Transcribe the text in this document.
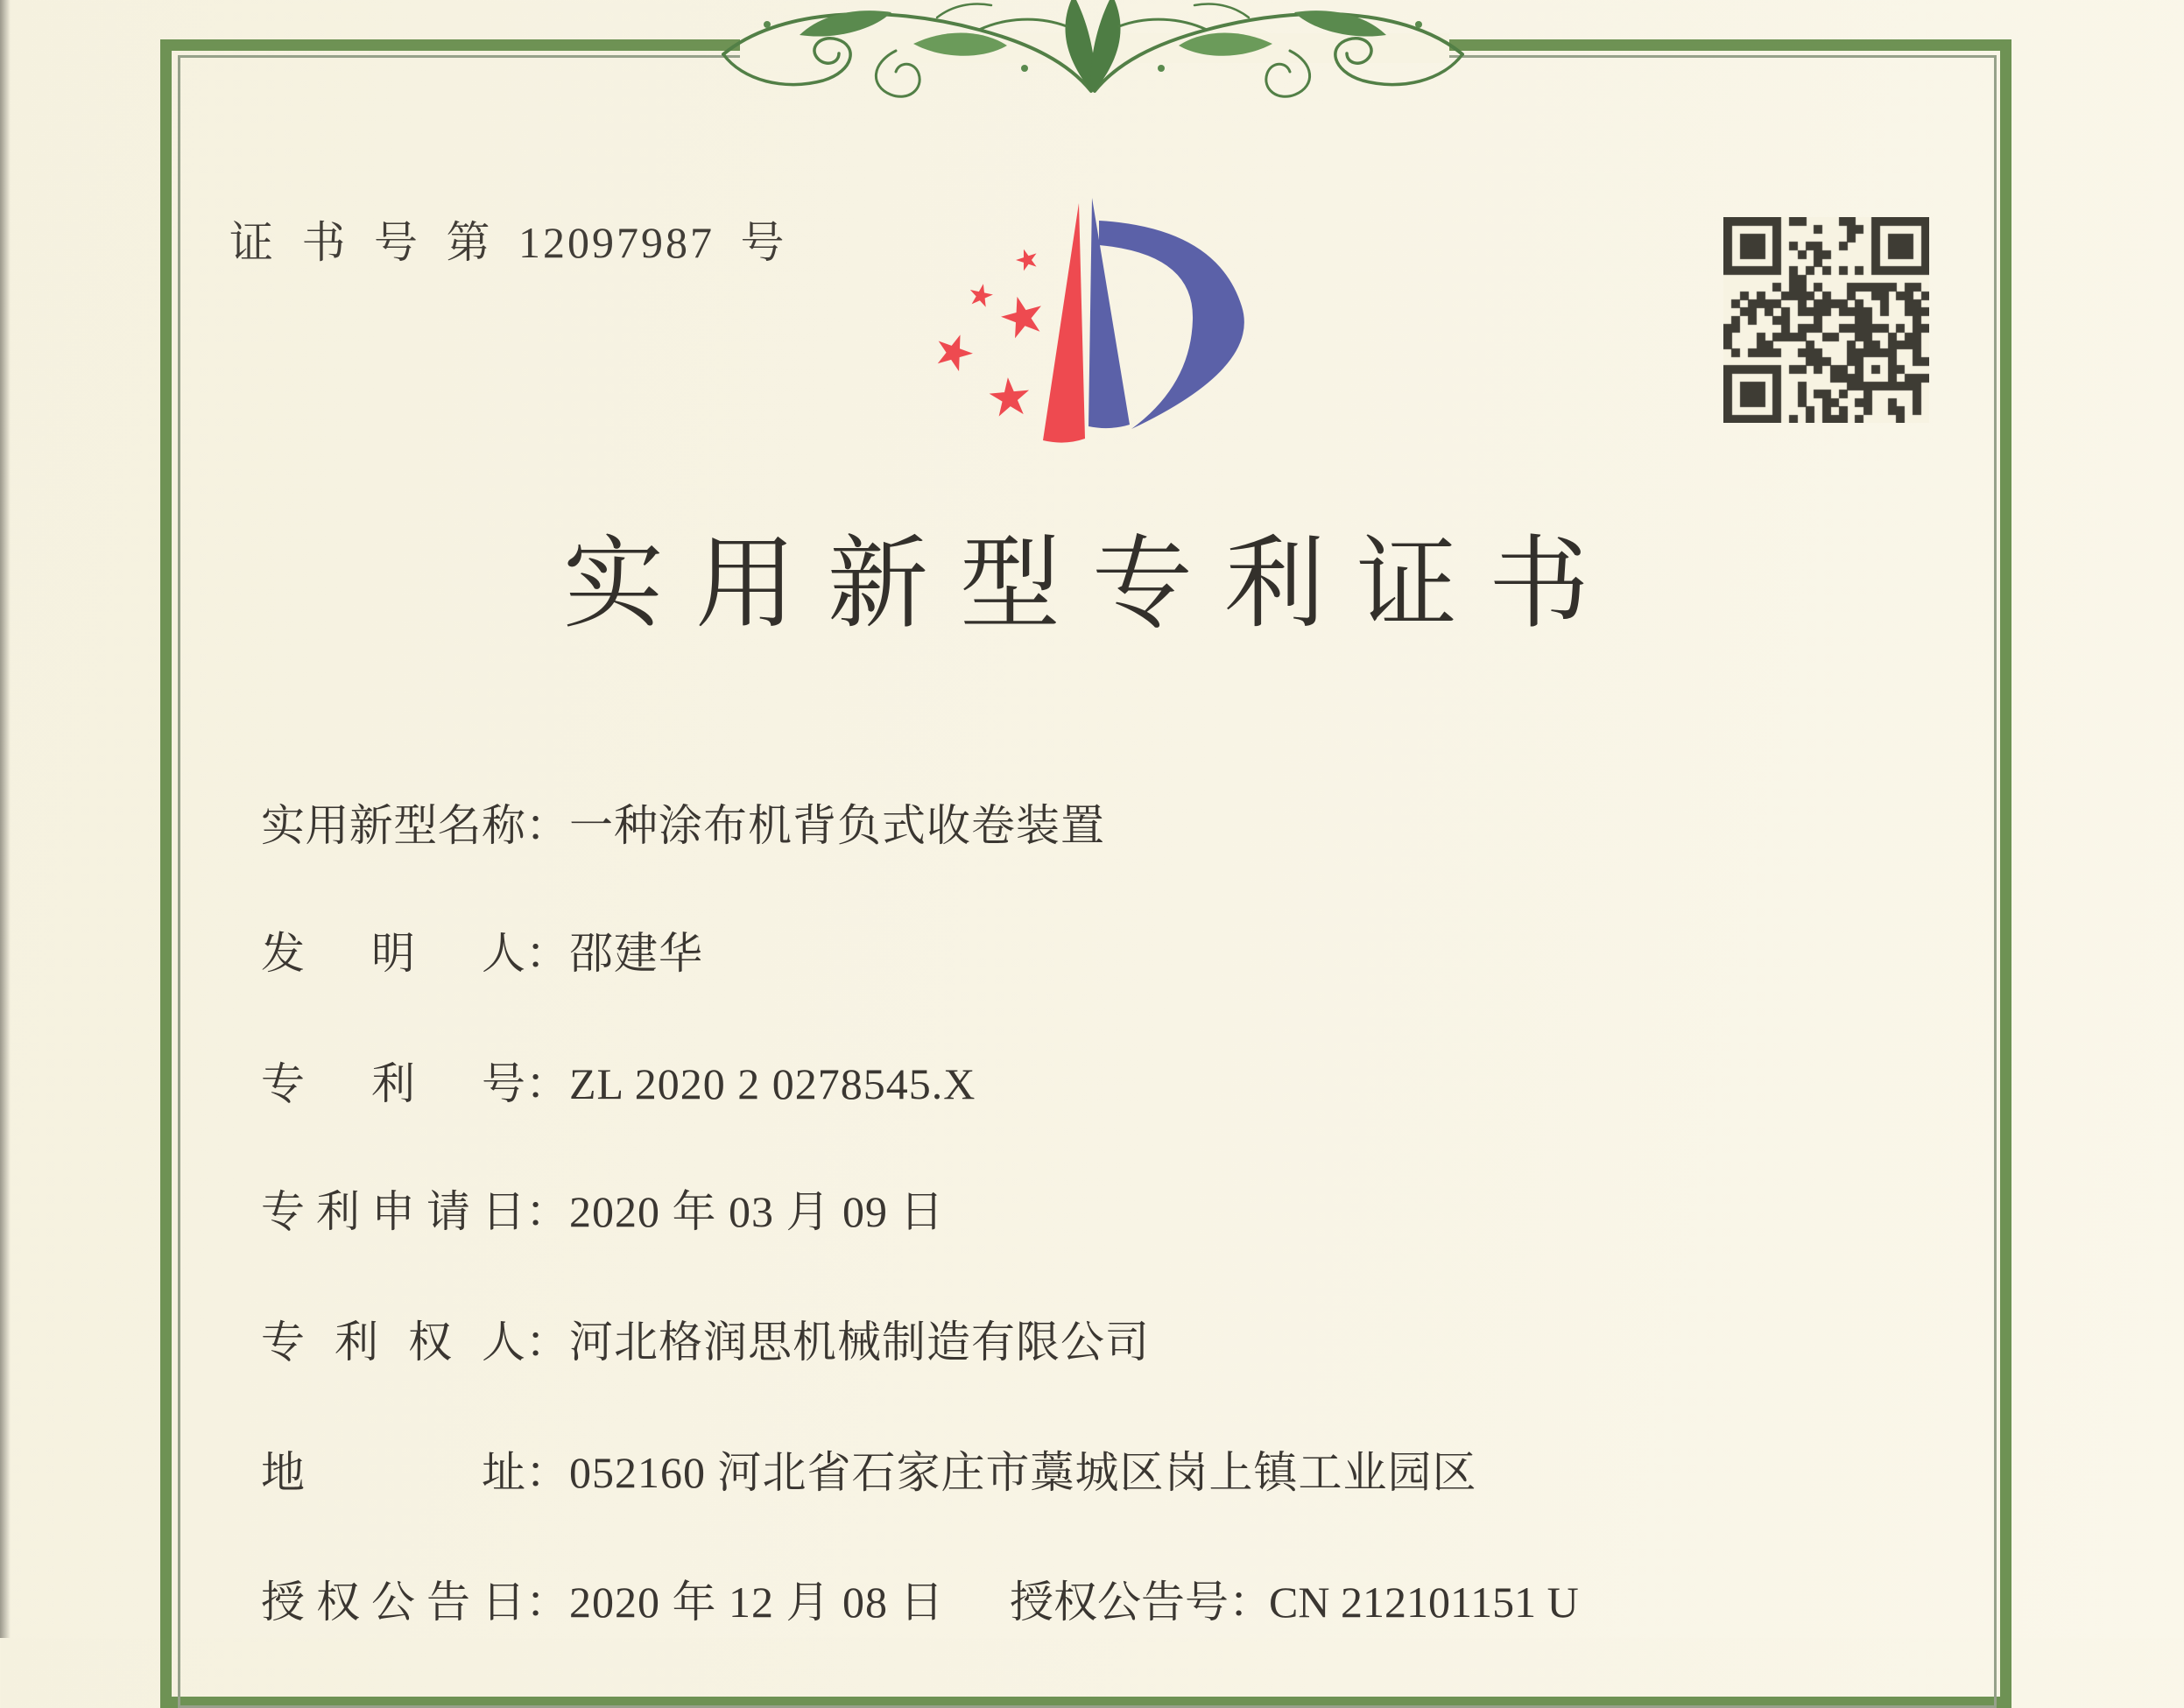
证 书 号 第 12097987 号
实用新型专利证书
实用新型名称：一种涂布机背负式收卷装置
发明人：邵建华
专利号：ZL 2020 2 0278545.X
专利申请日：2020 年 03 月 09 日
专利权人：河北格润思机械制造有限公司
地址：052160 河北省石家庄市藁城区岗上镇工业园区
授权公告日：2020 年 12 月 08 日 授权公告号：CN 212101151 U
